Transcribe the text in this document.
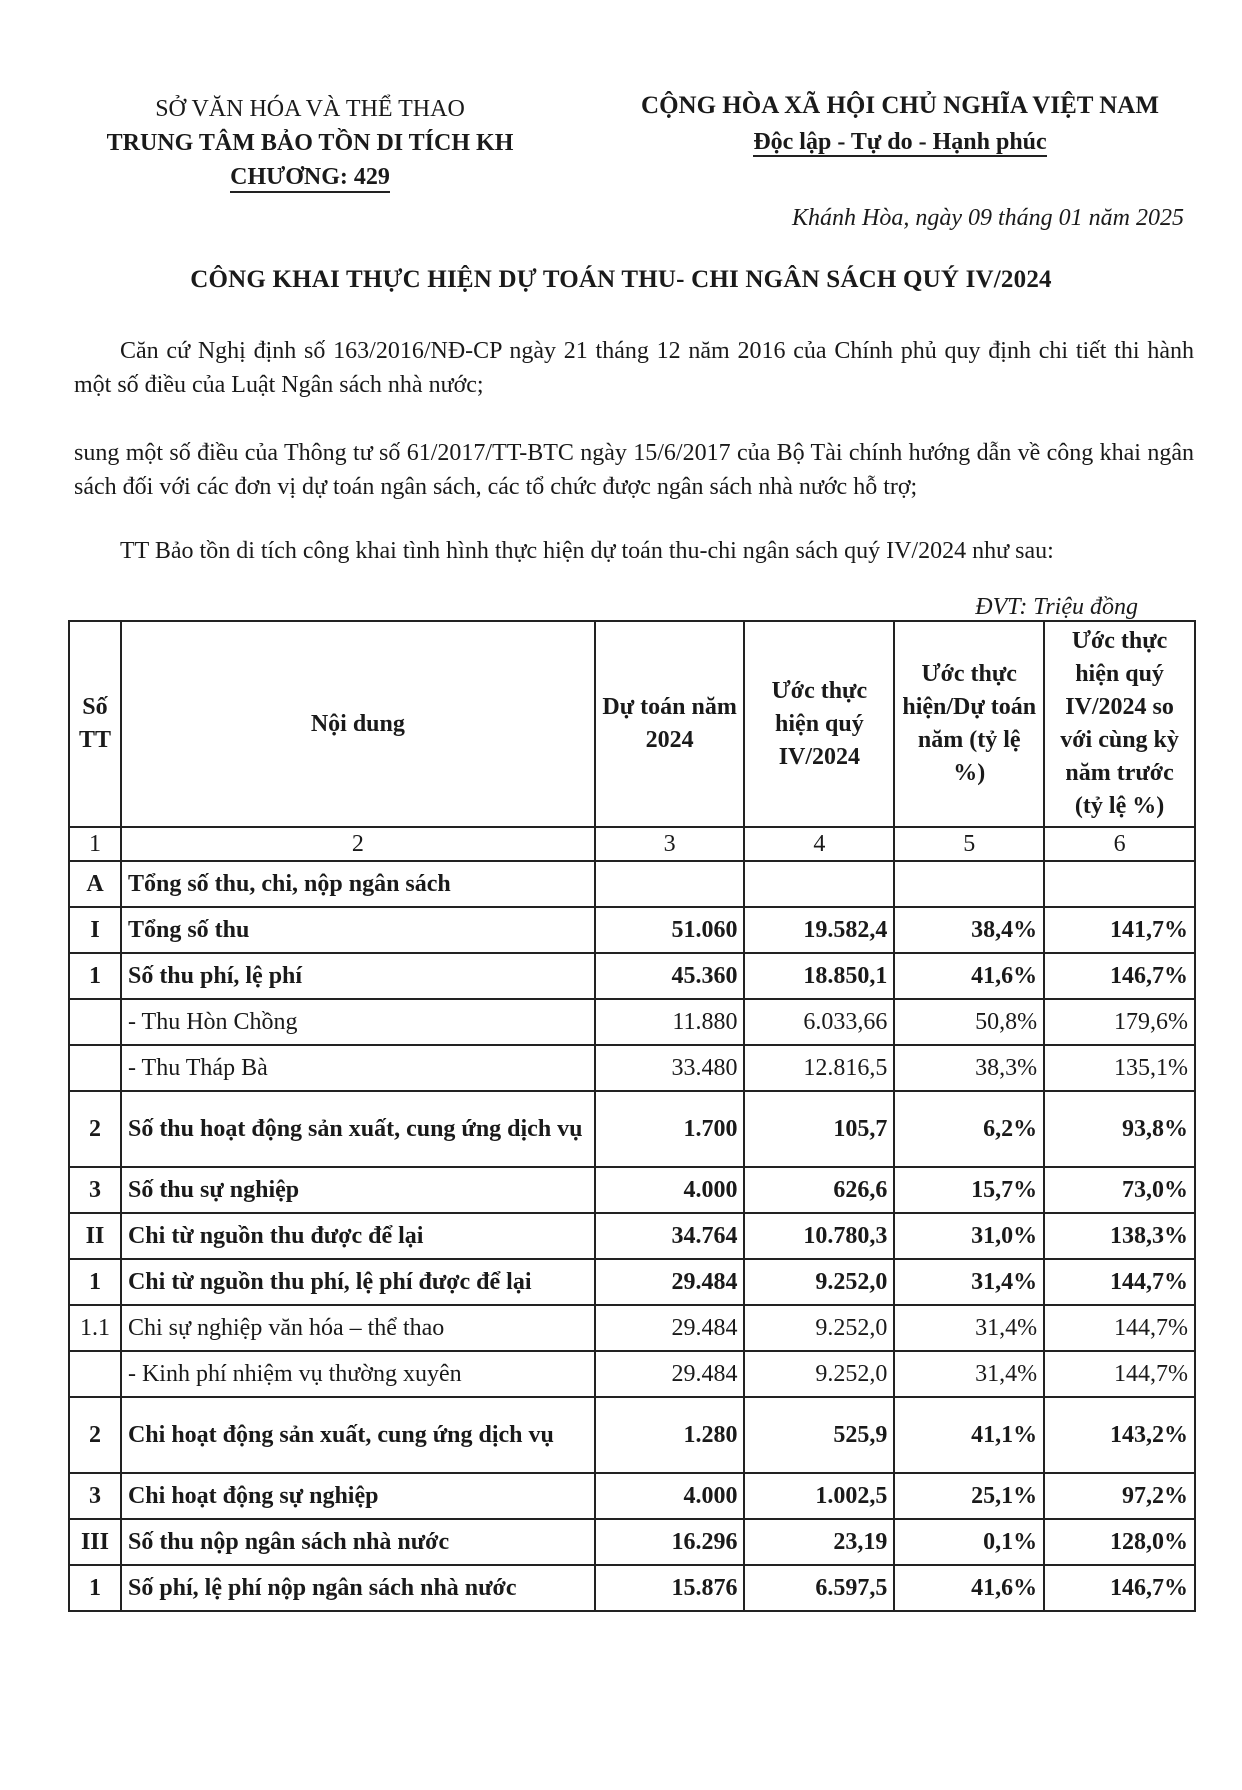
SỞ VĂN HÓA VÀ THỂ THAO
TRUNG TÂM BẢO TỒN DI TÍCH KH
CHƯƠNG: 429
CỘNG HÒA XÃ HỘI CHỦ NGHĨA VIỆT NAM
Độc lập - Tự do - Hạnh phúc
Khánh Hòa, ngày 09 tháng 01 năm 2025
CÔNG KHAI THỰC HIỆN DỰ TOÁN THU- CHI NGÂN SÁCH QUÝ IV/2024
Căn cứ Nghị định số 163/2016/NĐ-CP ngày 21 tháng 12 năm 2016 của Chính phủ quy định chi tiết thi hành một số điều của Luật Ngân sách nhà nước;
sung một số điều của Thông tư số 61/2017/TT-BTC ngày 15/6/2017 của Bộ Tài chính hướng dẫn về công khai ngân sách đối với các đơn vị dự toán ngân sách, các tổ chức được ngân sách nhà nước hỗ trợ;
TT Bảo tồn di tích công khai tình hình thực hiện dự toán thu-chi ngân sách quý IV/2024 như sau:
ĐVT: Triệu đồng
Số TT	Nội dung	Dự toán năm 2024	Ước thực hiện quý IV/2024	Ước thực hiện/Dự toán năm (tỷ lệ %)	Ước thực hiện quý IV/2024 so với cùng kỳ năm trước (tỷ lệ %)
1	2	3	4	5	6
A	Tổng số thu, chi, nộp ngân sách				
I	Tổng số thu	51.060	19.582,4	38,4%	141,7%
1	Số thu phí, lệ phí	45.360	18.850,1	41,6%	146,7%
	- Thu Hòn Chồng	11.880	6.033,66	50,8%	179,6%
	- Thu Tháp Bà	33.480	12.816,5	38,3%	135,1%
2	Số thu hoạt động sản xuất, cung ứng dịch vụ	1.700	105,7	6,2%	93,8%
3	Số thu sự nghiệp	4.000	626,6	15,7%	73,0%
II	Chi từ nguồn thu được để lại	34.764	10.780,3	31,0%	138,3%
1	Chi từ nguồn thu phí, lệ phí được để lại	29.484	9.252,0	31,4%	144,7%
1.1	Chi sự nghiệp văn hóa – thể thao	29.484	9.252,0	31,4%	144,7%
	- Kinh phí nhiệm vụ thường xuyên	29.484	9.252,0	31,4%	144,7%
2	Chi hoạt động sản xuất, cung ứng dịch vụ	1.280	525,9	41,1%	143,2%
3	Chi hoạt động sự nghiệp	4.000	1.002,5	25,1%	97,2%
III	Số thu nộp ngân sách nhà nước	16.296	23,19	0,1%	128,0%
1	Số phí, lệ phí nộp ngân sách nhà nước	15.876	6.597,5	41,6%	146,7%
